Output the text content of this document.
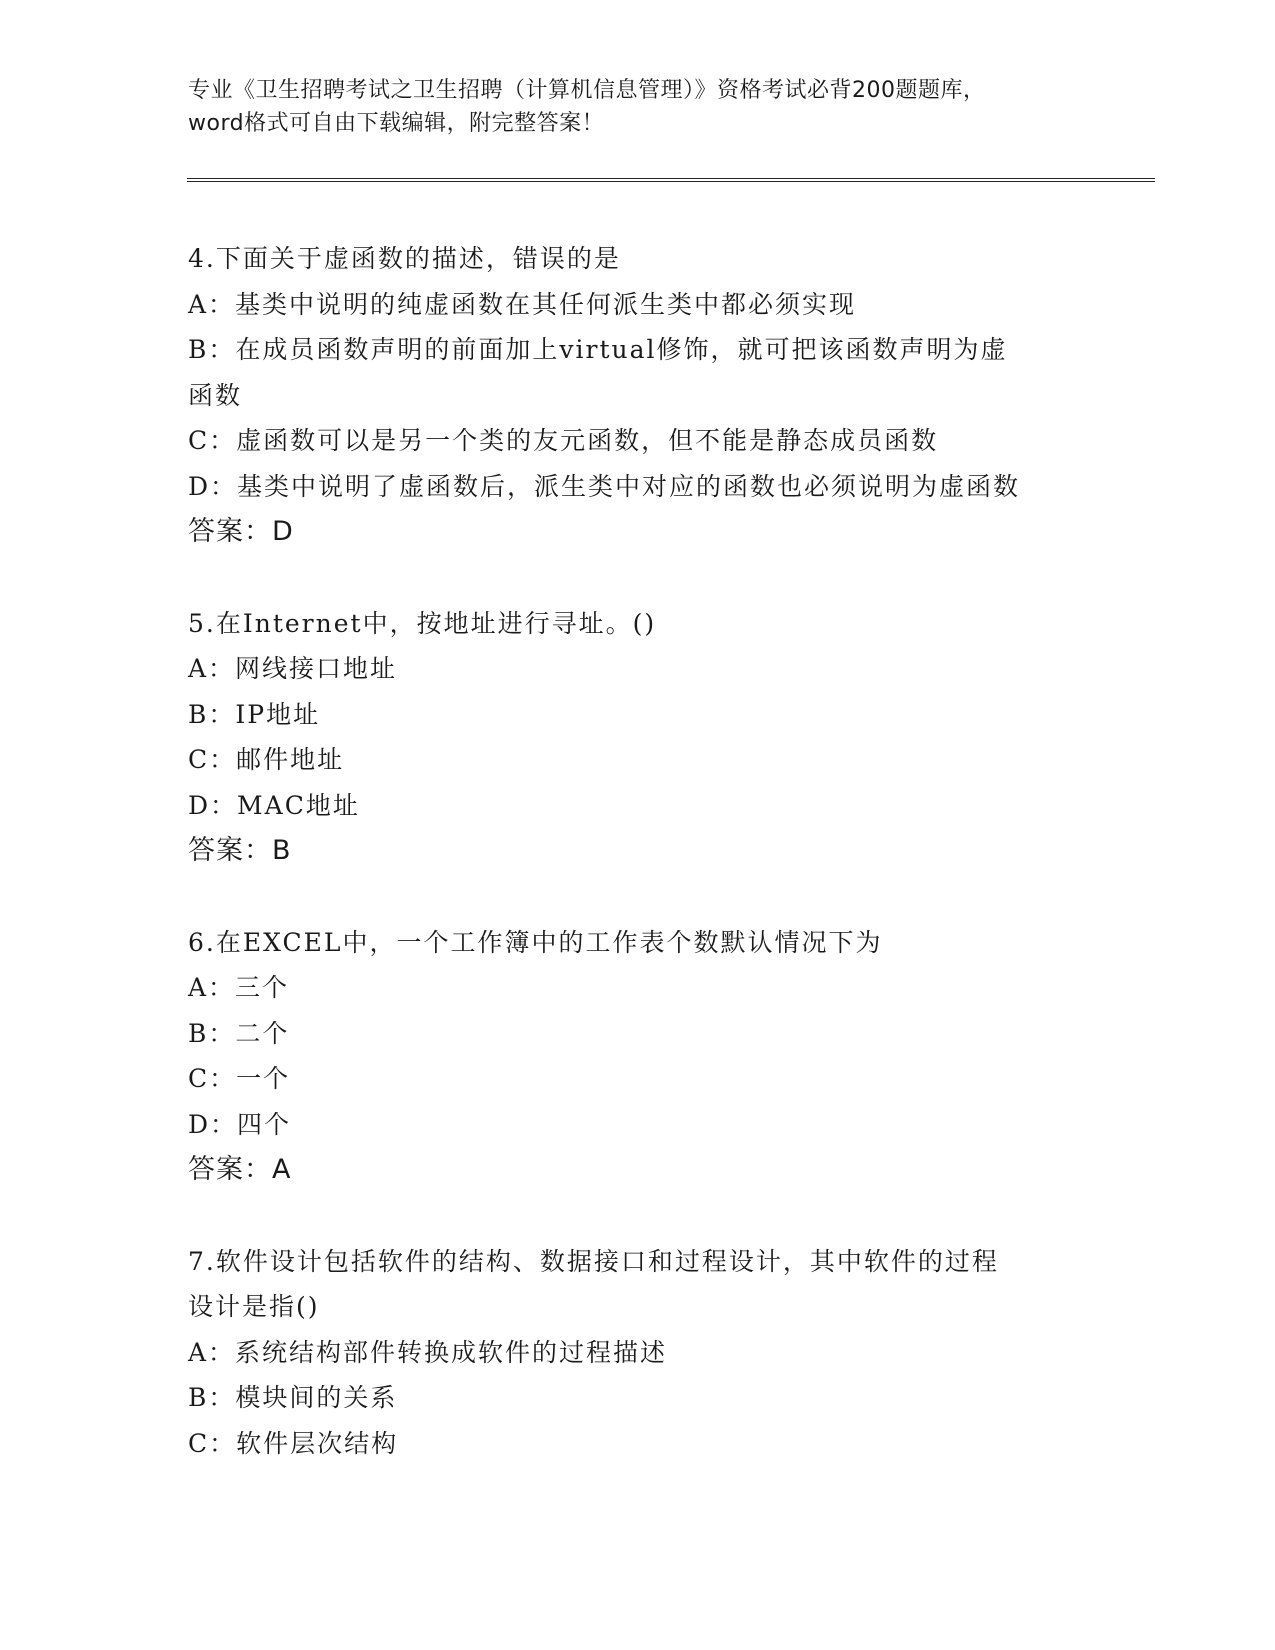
专业《卫生招聘考试之卫生招聘（计算机信息管理）》资格考试必背200题题库，
word格式可自由下载编辑，附完整答案！
4.下面关于虚函数的描述，错误的是
A：基类中说明的纯虚函数在其任何派生类中都必须实现
B：在成员函数声明的前面加上virtual修饰，就可把该函数声明为虚
函数
C：虚函数可以是另一个类的友元函数，但不能是静态成员函数
D：基类中说明了虚函数后，派生类中对应的函数也必须说明为虚函数
答案：D
5.在Internet中，按地址进行寻址。()
A：网线接口地址
B：IP地址
C：邮件地址
D：MAC地址
答案：B
6.在EXCEL中，一个工作簿中的工作表个数默认情况下为
A：三个
B：二个
C：一个
D：四个
答案：A
7.软件设计包括软件的结构、数据接口和过程设计，其中软件的过程
设计是指()
A：系统结构部件转换成软件的过程描述
B：模块间的关系
C：软件层次结构
